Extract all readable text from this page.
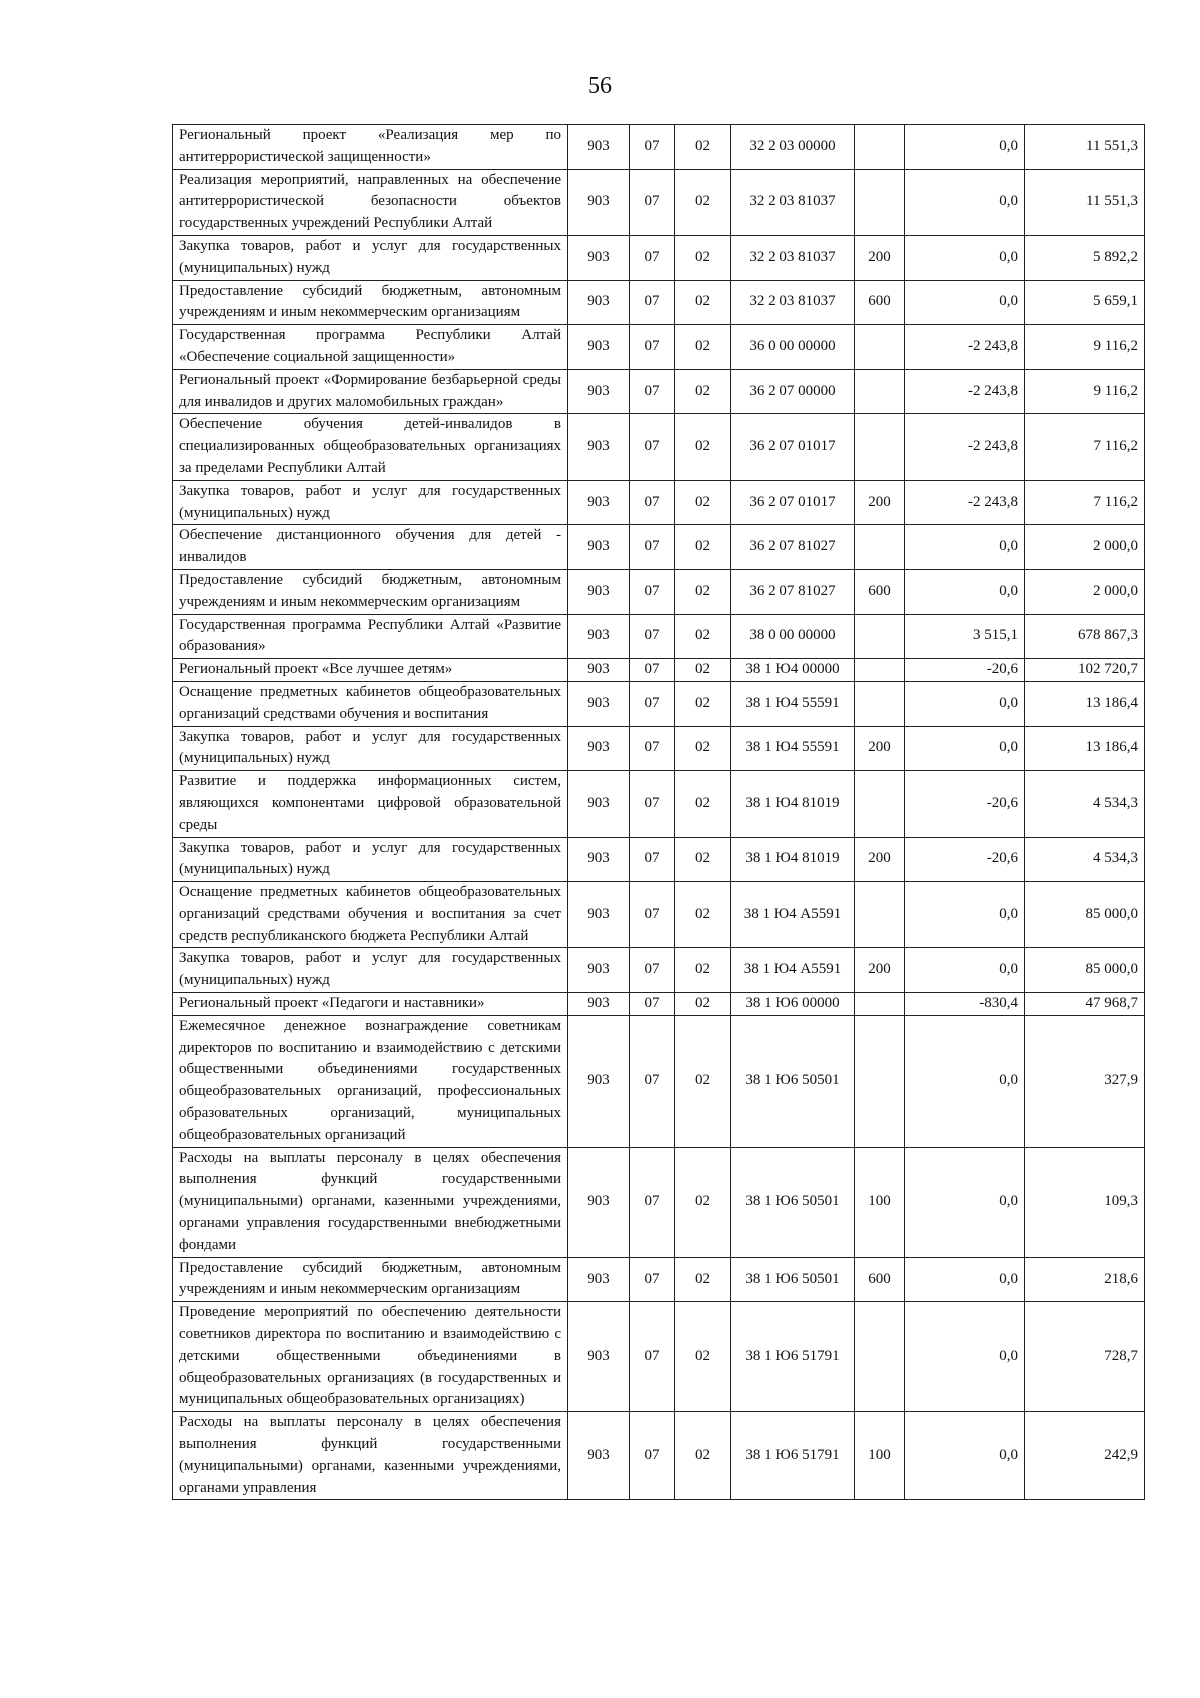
56
Региональный проект «Реализация мер по антитеррористической защищенности»	903	07	02	32 2 03 00000		0,0	11 551,3
Реализация мероприятий, направленных на обеспечение антитеррористической безопасности объектов государственных учреждений Республики Алтай	903	07	02	32 2 03 81037		0,0	11 551,3
Закупка товаров, работ и услуг для государственных (муниципальных) нужд	903	07	02	32 2 03 81037	200	0,0	5 892,2
Предоставление субсидий бюджетным, автономным учреждениям и иным некоммерческим организациям	903	07	02	32 2 03 81037	600	0,0	5 659,1
Государственная программа Республики Алтай «Обеспечение социальной защищенности»	903	07	02	36 0 00 00000		-2 243,8	9 116,2
Региональный проект «Формирование безбарьерной среды для инвалидов и других маломобильных граждан»	903	07	02	36 2 07 00000		-2 243,8	9 116,2
Обеспечение обучения детей-инвалидов в специализированных общеобразовательных организациях за пределами Республики Алтай	903	07	02	36 2 07 01017		-2 243,8	7 116,2
Закупка товаров, работ и услуг для государственных (муниципальных) нужд	903	07	02	36 2 07 01017	200	-2 243,8	7 116,2
Обеспечение дистанционного обучения для детей - инвалидов	903	07	02	36 2 07 81027		0,0	2 000,0
Предоставление субсидий бюджетным, автономным учреждениям и иным некоммерческим организациям	903	07	02	36 2 07 81027	600	0,0	2 000,0
Государственная программа Республики Алтай «Развитие образования»	903	07	02	38 0 00 00000		3 515,1	678 867,3
Региональный проект «Все лучшее детям»	903	07	02	38 1 Ю4 00000		-20,6	102 720,7
Оснащение предметных кабинетов общеобразовательных организаций средствами обучения и воспитания	903	07	02	38 1 Ю4 55591		0,0	13 186,4
Закупка товаров, работ и услуг для государственных (муниципальных) нужд	903	07	02	38 1 Ю4 55591	200	0,0	13 186,4
Развитие и поддержка информационных систем, являющихся компонентами цифровой образовательной среды	903	07	02	38 1 Ю4 81019		-20,6	4 534,3
Закупка товаров, работ и услуг для государственных (муниципальных) нужд	903	07	02	38 1 Ю4 81019	200	-20,6	4 534,3
Оснащение предметных кабинетов общеобразовательных организаций средствами обучения и воспитания за счет средств республиканского бюджета Республики Алтай	903	07	02	38 1 Ю4 A5591		0,0	85 000,0
Закупка товаров, работ и услуг для государственных (муниципальных) нужд	903	07	02	38 1 Ю4 A5591	200	0,0	85 000,0
Региональный проект «Педагоги и наставники»	903	07	02	38 1 Ю6 00000		-830,4	47 968,7
Ежемесячное денежное вознаграждение советникам директоров по воспитанию и взаимодействию с детскими общественными объединениями государственных общеобразовательных организаций, профессиональных образовательных организаций, муниципальных общеобразовательных организаций	903	07	02	38 1 Ю6 50501		0,0	327,9
Расходы на выплаты персоналу в целях обеспечения выполнения функций государственными (муниципальными) органами, казенными учреждениями, органами управления государственными внебюджетными фондами	903	07	02	38 1 Ю6 50501	100	0,0	109,3
Предоставление субсидий бюджетным, автономным учреждениям и иным некоммерческим организациям	903	07	02	38 1 Ю6 50501	600	0,0	218,6
Проведение мероприятий по обеспечению деятельности советников директора по воспитанию и взаимодействию с детскими общественными объединениями в общеобразовательных организациях (в государственных и муниципальных общеобразовательных организациях)	903	07	02	38 1 Ю6 51791		0,0	728,7
Расходы на выплаты персоналу в целях обеспечения выполнения функций государственными (муниципальными) органами, казенными учреждениями, органами управления	903	07	02	38 1 Ю6 51791	100	0,0	242,9
